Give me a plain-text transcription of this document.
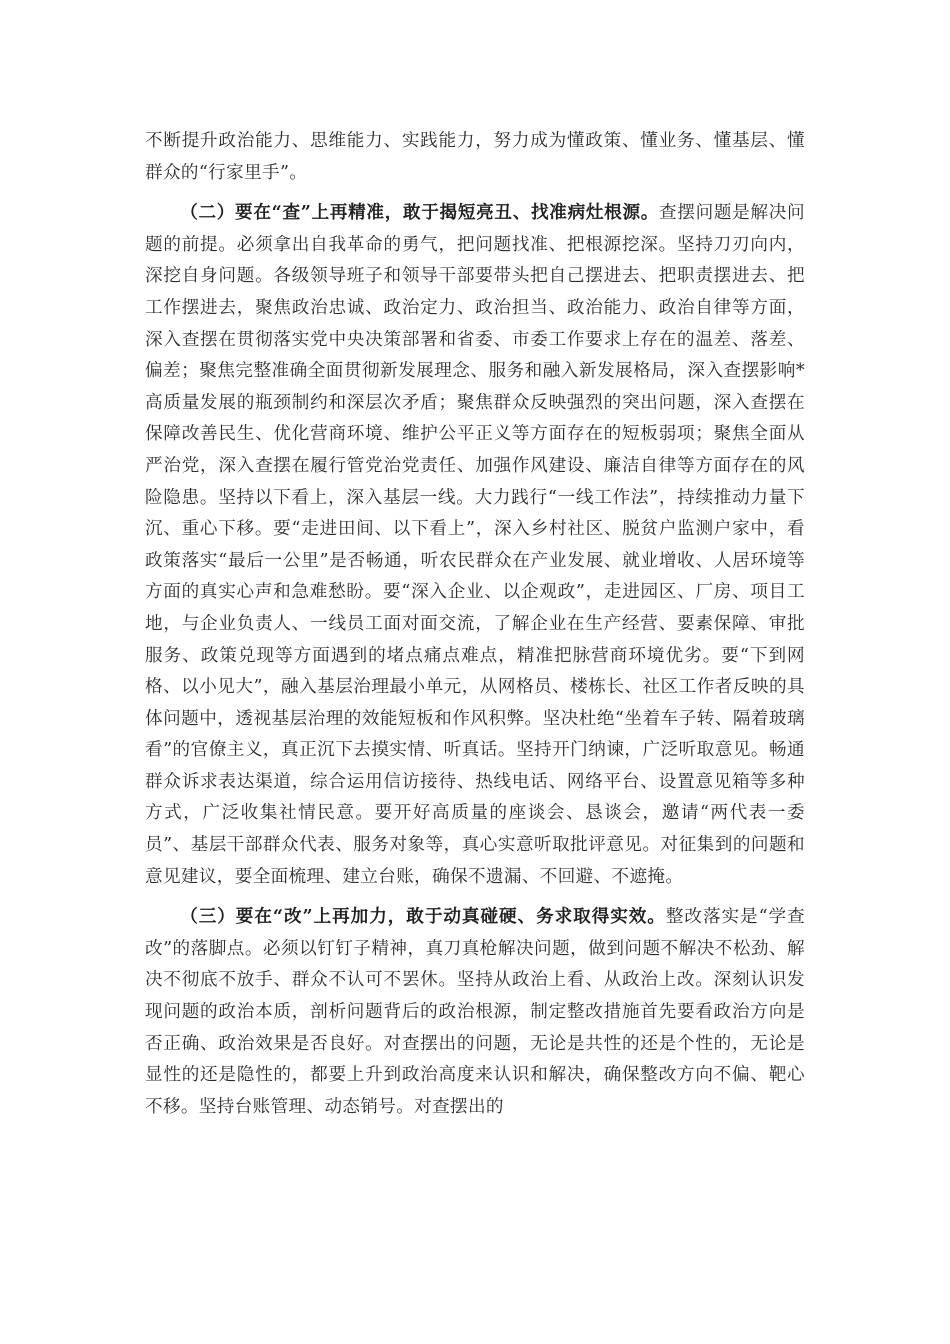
不断提升政治能力、思维能力、实践能力，努力成为懂政策、懂业务、懂基层、懂群众的“行家里手”。

（二）要在“查”上再精准，敢于揭短亮丑、找准病灶根源。查摆问题是解决问题的前提。必须拿出自我革命的勇气，把问题找准、把根源挖深。坚持刀刃向内，深挖自身问题。各级领导班子和领导干部要带头把自己摆进去、把职责摆进去、把工作摆进去，聚焦政治忠诚、政治定力、政治担当、政治能力、政治自律等方面，深入查摆在贯彻落实党中央决策部署和省委、市委工作要求上存在的温差、落差、偏差；聚焦完整准确全面贯彻新发展理念、服务和融入新发展格局，深入查摆影响*高质量发展的瓶颈制约和深层次矛盾；聚焦群众反映强烈的突出问题，深入查摆在保障改善民生、优化营商环境、维护公平正义等方面存在的短板弱项；聚焦全面从严治党，深入查摆在履行管党治党责任、加强作风建设、廉洁自律等方面存在的风险隐患。坚持以下看上，深入基层一线。大力践行“一线工作法”，持续推动力量下沉、重心下移。要“走进田间、以下看上”，深入乡村社区、脱贫户监测户家中，看政策落实“最后一公里”是否畅通，听农民群众在产业发展、就业增收、人居环境等方面的真实心声和急难愁盼。要“深入企业、以企观政”，走进园区、厂房、项目工地，与企业负责人、一线员工面对面交流，了解企业在生产经营、要素保障、审批服务、政策兑现等方面遇到的堵点痛点难点，精准把脉营商环境优劣。要“下到网格、以小见大”，融入基层治理最小单元，从网格员、楼栋长、社区工作者反映的具体问题中，透视基层治理的效能短板和作风积弊。坚决杜绝“坐着车子转、隔着玻璃看”的官僚主义，真正沉下去摸实情、听真话。坚持开门纳谏，广泛听取意见。畅通群众诉求表达渠道，综合运用信访接待、热线电话、网络平台、设置意见箱等多种方式，广泛收集社情民意。要开好高质量的座谈会、恳谈会，邀请“两代表一委员”、基层干部群众代表、服务对象等，真心实意听取批评意见。对征集到的问题和意见建议，要全面梳理、建立台账，确保不遗漏、不回避、不遮掩。

（三）要在“改”上再加力，敢于动真碰硬、务求取得实效。整改落实是“学查改”的落脚点。必须以钉钉子精神，真刀真枪解决问题，做到问题不解决不松劲、解决不彻底不放手、群众不认可不罢休。坚持从政治上看、从政治上改。深刻认识发现问题的政治本质，剖析问题背后的政治根源，制定整改措施首先要看政治方向是否正确、政治效果是否良好。对查摆出的问题，无论是共性的还是个性的，无论是显性的还是隐性的，都要上升到政治高度来认识和解决，确保整改方向不偏、靶心不移。坚持台账管理、动态销号。对查摆出的
